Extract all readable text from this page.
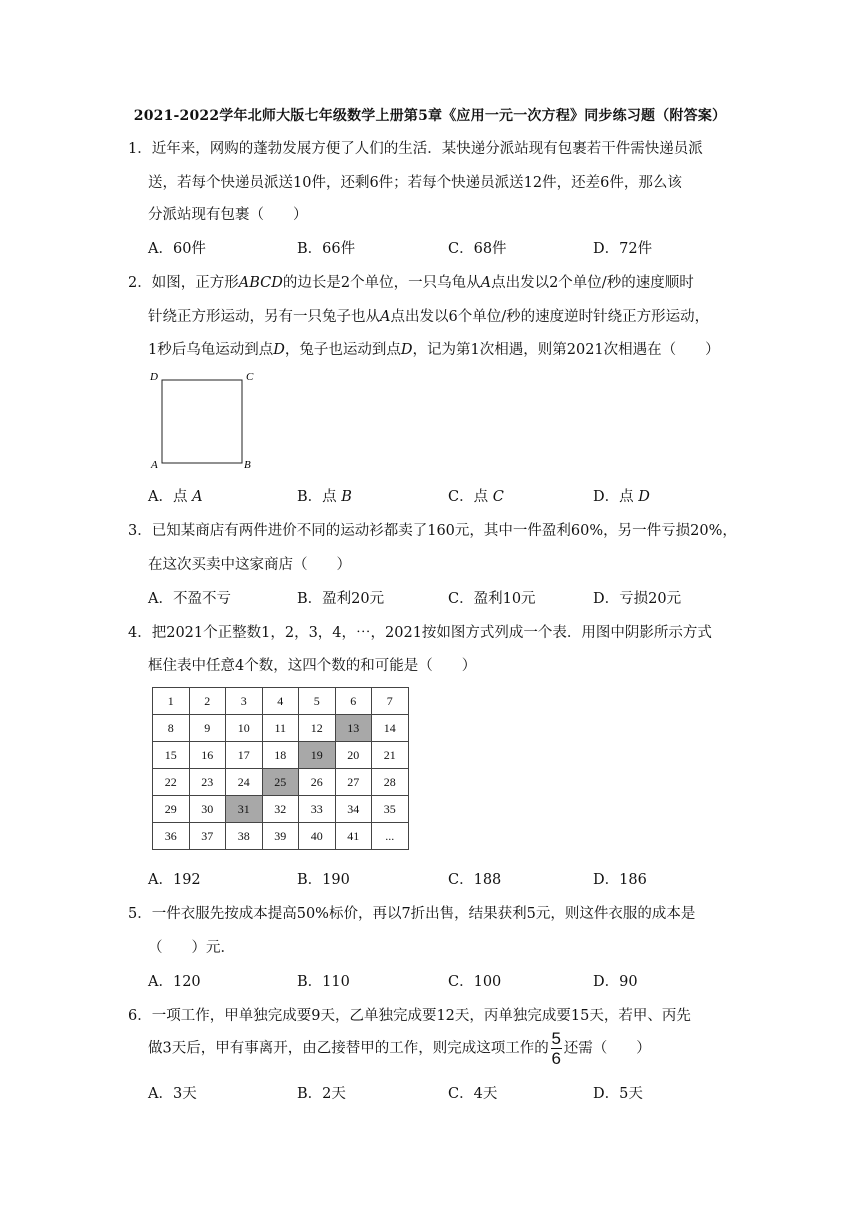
2021-2022学年北师大版七年级数学上册第5章《应用一元一次方程》同步练习题（附答案）
1．近年来，网购的蓬勃发展方便了人们的生活．某快递分派站现有包裹若干件需快递员派
送，若每个快递员派送10件，还剩6件；若每个快递员派送12件，还差6件，那么该
分派站现有包裹（　　）
A．60件	B．66件	C．68件	D．72件
2．如图，正方形ABCD的边长是2个单位，一只乌龟从A点出发以2个单位/秒的速度顺时
针绕正方形运动，另有一只兔子也从A点出发以6个单位/秒的速度逆时针绕正方形运动，
1秒后乌龟运动到点D，兔子也运动到点D，记为第1次相遇，则第2021次相遇在（　　）
D	C
A	B
A．点 A	B．点 B	C．点 C	D．点 D
3．已知某商店有两件进价不同的运动衫都卖了160元，其中一件盈利60%，另一件亏损20%，
在这次买卖中这家商店（　　）
A．不盈不亏	B．盈利20元	C．盈利10元	D．亏损20元
4．把2021个正整数1，2，3，4，⋯，2021按如图方式列成一个表．用图中阴影所示方式
框住表中任意4个数，这四个数的和可能是（　　）
1	2	3	4	5	6	7
8	9	10	11	12	13	14
15	16	17	18	19	20	21
22	23	24	25	26	27	28
29	30	31	32	33	34	35
36	37	38	39	40	41	...
A．192	B．190	C．188	D．186
5．一件衣服先按成本提高50%标价，再以7折出售，结果获利5元，则这件衣服的成本是
（　　）元．
A．120	B．110	C．100	D．90
6．一项工作，甲单独完成要9天，乙单独完成要12天，丙单独完成要15天，若甲、丙先
做3天后，甲有事离开，由乙接替甲的工作，则完成这项工作的 $\frac{5}{6}$ 还需（　　）
A．3天	B．2天	C．4天	D．5天
